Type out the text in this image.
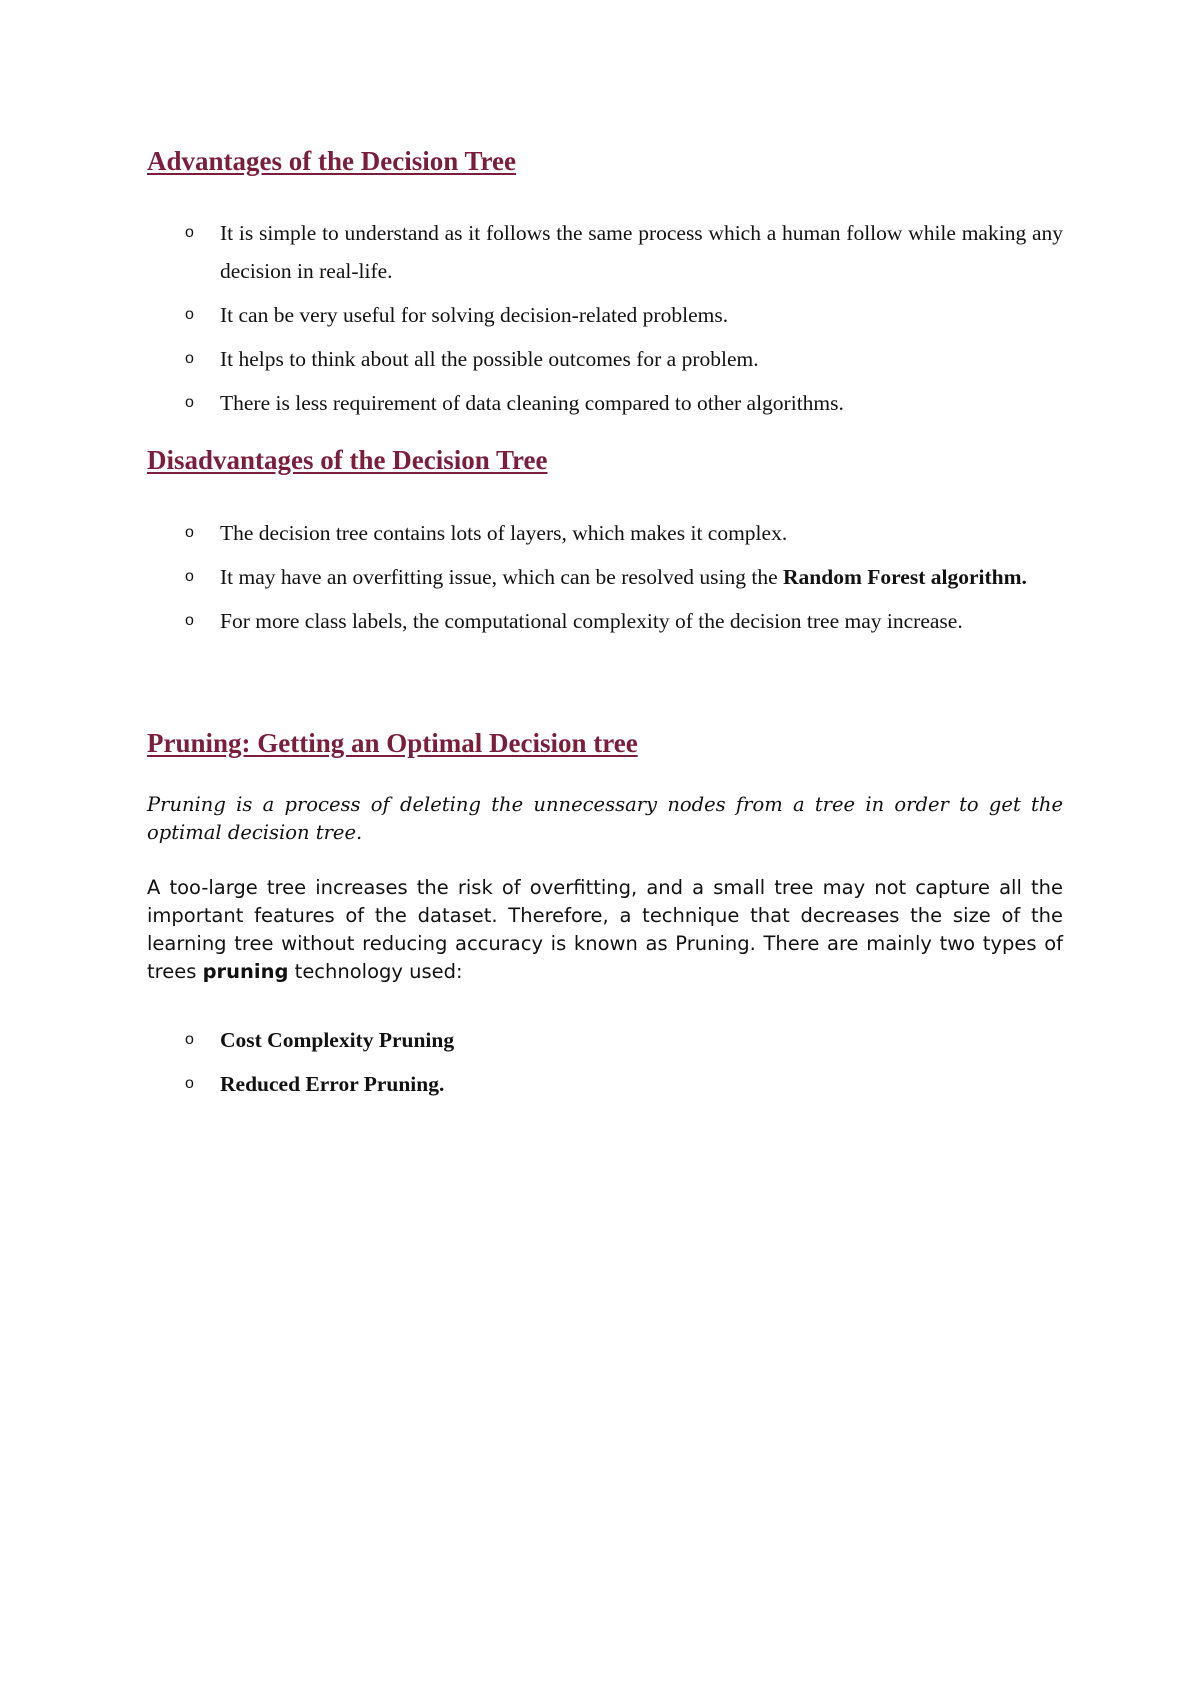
Advantages of the Decision Tree
o It is simple to understand as it follows the same process which a human follow while making any decision in real-life.
o It can be very useful for solving decision-related problems.
o It helps to think about all the possible outcomes for a problem.
o There is less requirement of data cleaning compared to other algorithms.
Disadvantages of the Decision Tree
o The decision tree contains lots of layers, which makes it complex.
o It may have an overfitting issue, which can be resolved using the Random Forest algorithm.
o For more class labels, the computational complexity of the decision tree may increase.
Pruning: Getting an Optimal Decision tree

Pruning is a process of deleting the unnecessary nodes from a tree in order to get the optimal decision tree.

A too-large tree increases the risk of overfitting, and a small tree may not capture all the important features of the dataset. Therefore, a technique that decreases the size of the learning tree without reducing accuracy is known as Pruning. There are mainly two types of trees pruning technology used:

o Cost Complexity Pruning
o Reduced Error Pruning.
